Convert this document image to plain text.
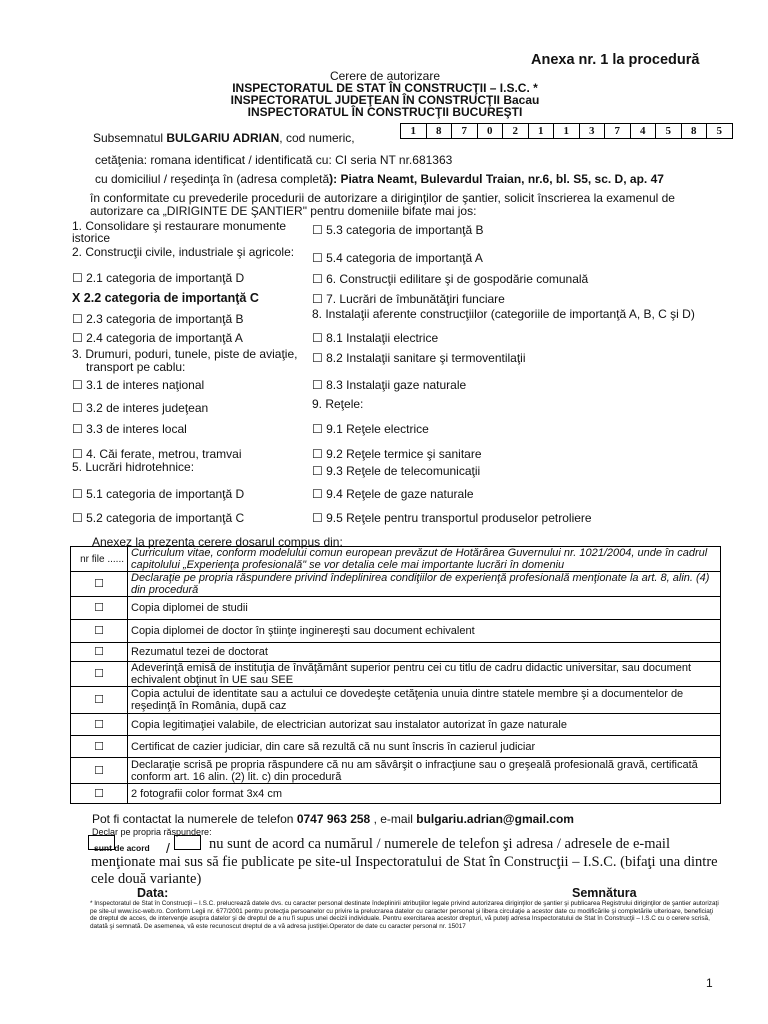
Anexa nr. 1 la procedură
Cerere de autorizare
INSPECTORATUL DE STAT ÎN CONSTRUCŢII – I.S.C. *
INSPECTORATUL JUDEŢEAN ÎN CONSTRUCŢII Bacau
INSPECTORATUL ÎN CONSTRUCŢII BUCUREŞTI
Subsemnatul BULGARIU ADRIAN, cod numeric,	1	8	7	0	2	1	1	3	7	4	5	8	5
cetăţenia: romana identificat / identificată cu: CI seria NT nr.681363
cu domiciliul / reşedinţa în (adresa completă): Piatra Neamt, Bulevardul Traian, nr.6, bl. S5, sc. D, ap. 47
în conformitate cu prevederile procedurii de autorizare a diriginţilor de şantier, solicit înscrierea la examenul de autorizare ca „DIRIGINTE DE ŞANTIER" pentru domeniile bifate mai jos:
1. Consolidare şi restaurare monumente istorice
2. Construcţii civile, industriale şi agricole:
☐ 2.1 categoria de importanţă D
X 2.2 categoria de importanţă C
☐ 2.3 categoria de importanţă B
☐ 2.4 categoria de importanţă A
3. Drumuri, poduri, tunele, piste de aviaţie,
transport pe cablu:
☐ 3.1 de interes naţional
☐ 3.2 de interes judeţean
☐ 3.3 de interes local
☐ 4. Căi ferate, metrou, tramvai
5. Lucrări hidrotehnice:
☐ 5.1 categoria de importanţă D
☐ 5.2 categoria de importanţă C
☐ 5.3 categoria de importanţă B
☐ 5.4 categoria de importanţă A
☐ 6. Construcţii edilitare şi de gospodărie comunală
☐ 7. Lucrări de îmbunătăţiri funciare
8. Instalaţii aferente construcţiilor (categoriile de importanţă A, B, C şi D)
☐ 8.1 Instalaţii electrice
☐ 8.2 Instalaţii sanitare şi termoventilaţii
☐ 8.3 Instalaţii gaze naturale
9. Reţele:
☐ 9.1 Reţele electrice
☐ 9.2 Reţele termice şi sanitare
☐ 9.3 Reţele de telecomunicaţii
☐ 9.4 Reţele de gaze naturale
☐ 9.5 Reţele pentru transportul produselor petroliere
Anexez la prezenta cerere dosarul compus din:
nr file ......	Curriculum vitae, conform modelului comun european prevăzut de Hotărârea Guvernului nr. 1021/2004, unde în cadrul capitolului „Experienţa profesională" se vor detalia cele mai importante lucrări în domeniu
☐	Declaraţie pe propria răspundere privind îndeplinirea condiţiilor de experienţă profesională menţionate la art. 8, alin. (4) din procedură
☐	Copia diplomei de studii
☐	Copia diplomei de doctor în ştiinţe inginereşti sau document echivalent
☐	Rezumatul tezei de doctorat
☐	Adeverinţă emisă de instituţia de învăţământ superior pentru cei cu titlu de cadru didactic universitar, sau document echivalent obţinut în UE sau SEE
☐	Copia actului de identitate sau a actului ce dovedeşte cetăţenia unuia dintre statele membre şi a documentelor de reşedinţă în România, după caz
☐	Copia legitimaţiei valabile, de electrician autorizat sau instalator autorizat în gaze naturale
☐	Certificat de cazier judiciar, din care să rezultă că nu sunt înscris în cazierul judiciar
☐	Declaraţie scrisă pe propria răspundere că nu am săvârşit o infracţiune sau o greşeală profesională gravă, certificată conform art. 16 alin. (2) lit. c) din procedură
☐	2 fotografii color format 3x4 cm
Pot fi contactat la numerele de telefon 0747 963 258 , e-mail bulgariu.adrian@gmail.com
Declar pe propria răspundere:
sunt de acord /	nu sunt de acord ca numărul / numerele de telefon şi adresa / adresele de e-mail menţionate mai sus să fie publicate pe site-ul Inspectoratului de Stat în Construcţii – I.S.C. (bifaţi una dintre cele două variante)
Data:	Semnătura
* Inspectoratul de Stat în Construcţii – I.S.C. prelucrează datele dvs. cu caracter personal destinate îndeplinirii atribuţiilor legale privind autorizarea diriginţilor de şantier şi publicarea Registrului diriginţilor de şantier autorizaţi pe site-ul www.isc-web.ro. Conform Legii nr. 677/2001 pentru protecţia persoanelor cu privire la prelucrarea datelor cu caracter personal şi libera circulaţie a acestor date cu modificările şi completările ulterioare, beneficiaţi de dreptul de acces, de intervenţie asupra datelor şi de dreptul de a nu fi supus unei decizii individuale. Pentru exercitarea acestor drepturi, vă puteţi adresa Inspectoratului de Stat în Construcţii – I.S.C cu o cerere scrisă, datată şi semnată. De asemenea, vă este recunoscut dreptul de a vă adresa justiţiei.Operator de date cu caracter personal nr. 15017
1
